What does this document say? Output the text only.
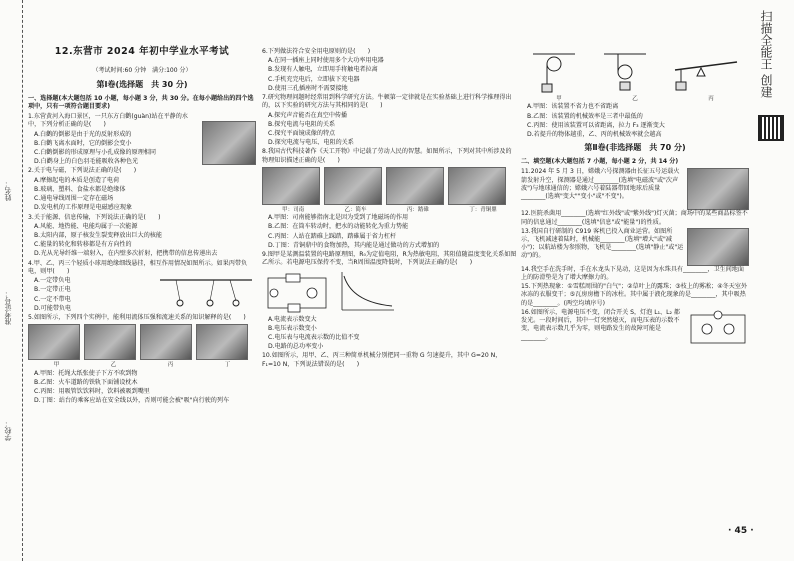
姓名：
准考证号：
学校：
12.东营市 2024 年初中学业水平考试
（考试时间:60 分钟　满分:100 分）
第Ⅰ卷(选择题　共 30 分)

一、选择题(本大题包括 10 小题，每小题 3 分，共 30 分。在每小题给出的四个选项中，只有一项符合题目要求)

1.东营黄河入海口景区，一只东方白鹳(guàn)站在平静的水中，下列分析正确的是(　　)

A.白鹳的倒影是由于光的反射形成的

B.白鹳飞离水面时，它的倒影会变小

C.白鹳倒影的形成原理与小孔成像的原理相同

D.白鹳身上的白色羽毛能吸收各种色光

2.关于电与磁，下列说法正确的是(　　)

A.摩擦起电的本质是创造了电荷

B.玻璃、塑料、食盐水都是绝缘体

C.通电导线周围一定存在磁场

D.发电机的工作原理是电磁感应现象

3.关于能源、信息传输，下列说法正确的是(　　)

A.风能、地热能、电能均属于一次能源

B.太阳内部，原子核发生裂变释放出巨大的核能

C.能量的转化和转移都是有方向性的

D.光从光导纤维一端射入，在内壁多次折射，把携带的信息传递出去

4.甲、乙、丙三个轻质小球用绝缘细线悬挂，相互作用情况如图所示。如果丙带负电，则甲(　　)

A.一定带负电

B.一定带正电

C.一定不带电

D.可能带负电

5.如图所示，下列四个实例中，能利用流体压强和流速关系的知识解释的是(　　)

甲	乙	丙	丁

A.甲图：托绳大纸张使子下方不吹到物

B.乙图：火车道路的铁轨下面铺设枕木

C.丙图：用吸管饮饮料时，饮料被吸到嘴里

D.丁图：站台的乘客应站在安全线以外，否则可能会被"吸"向行驶的列车

6.下列做法符合安全用电原则的是(　　)

A.在同一插座上同时使用多个大功率用电器

B.发现有人触电，立即用手将触电者拉离

C.手机充完电后，立即拔下充电器

D.使用三孔插座时不需要接地

7.研究物理问题时经常用到科学研究方法。牛顿第一定律就是在实验基础上进行科学推理得出的，以下实验的研究方法与其相同的是(　　)

A.探究声音能否在真空中传播

B.探究电流与电阻的关系

C.探究平面镜成像的特点

D.探究电流与电压、电阻的关系

8.我国古代科技著作《天工开物》中记载了劳动人民的智慧。如图所示，下列对其中所涉及的物理知识描述正确的是(　　)

甲：司南	乙：简车	丙：踏碓	丁：青铜鼎

A.甲图：司南能够指南北是因为受到了地磁场的作用

B.乙图：在筒车转动时，把水的动能转化为重力势能

C.丙图：人站在踏碓上踩踏，踏碓属于省力杠杆

D.丁图：青铜鼎中的食物加热，其内能是通过做功的方式增加的

9.图甲是某测温装置的电路原理图，R₀为定值电阻，R为热敏电阻，其阻值随温度变化关系如图乙所示。若电源电压保持不变，当R周围温度降低时，下列说法正确的是(　　)

A.电流表示数变大

B.电压表示数变小

C.电压表与电流表示数的比值不变

D.电路的总功率变小

10.如图所示，用甲、乙、丙三种简单机械分别把同一重物 G 匀速提升，其中 G=20 N，F₁=10 N，下列说法错误的是(　　)

甲	乙	丙

A.甲图：该装置不省力也不省距离

B.乙图：该装置的机械效率是三者中最低的

C.丙图：使用该装置可以省距离，拉力 F₃ 逐渐变大

D.若提升的物体越重，乙、丙的机械效率就会越高

第Ⅱ卷(非选择题　共 70 分)

二、填空题(本大题包括 7 小题，每小题 2 分，共 14 分)

11.2024 年 5 月 3 日，嫦娥六号探测器由长征五号运载火箭发射升空，探测器是通过________(选填"电磁波"或"次声波")与地球通信的；嫦娥六号着陆器带回地球后质量________(选填"变大""变小"或"不变")。

12.医院杀菌用________(选填"红外线"或"紫外线")灯灭菌；商场中的某些商品标签不同的信息通过________(选填"信息"或"能量")的性质。

13.我国自行研制的 C919 客机已投入商业运营。如图所示，飞机减速着陆时，机械能________(选填"增大"或"减小")；以航站楼为参照物，飞机是________(选填"静止"或"运动")的。

14.我空手在洗手时，手在水龙头下晃动，这是因为水珠具有________，卫生间地面上的防滑垫是为了增大摩擦力的。

15.下列热现象：①雪糕周围的"白气"；②草叶上的露珠；③枝上的雾凇；④冬天室外冰冻的衣服变干；⑤瓦房房檐下的冰柱。其中属于液化现象的是________，其中吸热的是________。(两空均填序号)

16.如图所示，电源电压不变，闭合开关 S，灯泡 L₁、L₂ 都发光。一段时间后，其中一灯突然熄灭，而电压表的示数不变，电流表示数几乎为零，则电路发生的故障可能是________。

扫描全能王 创建
· 45 ·
